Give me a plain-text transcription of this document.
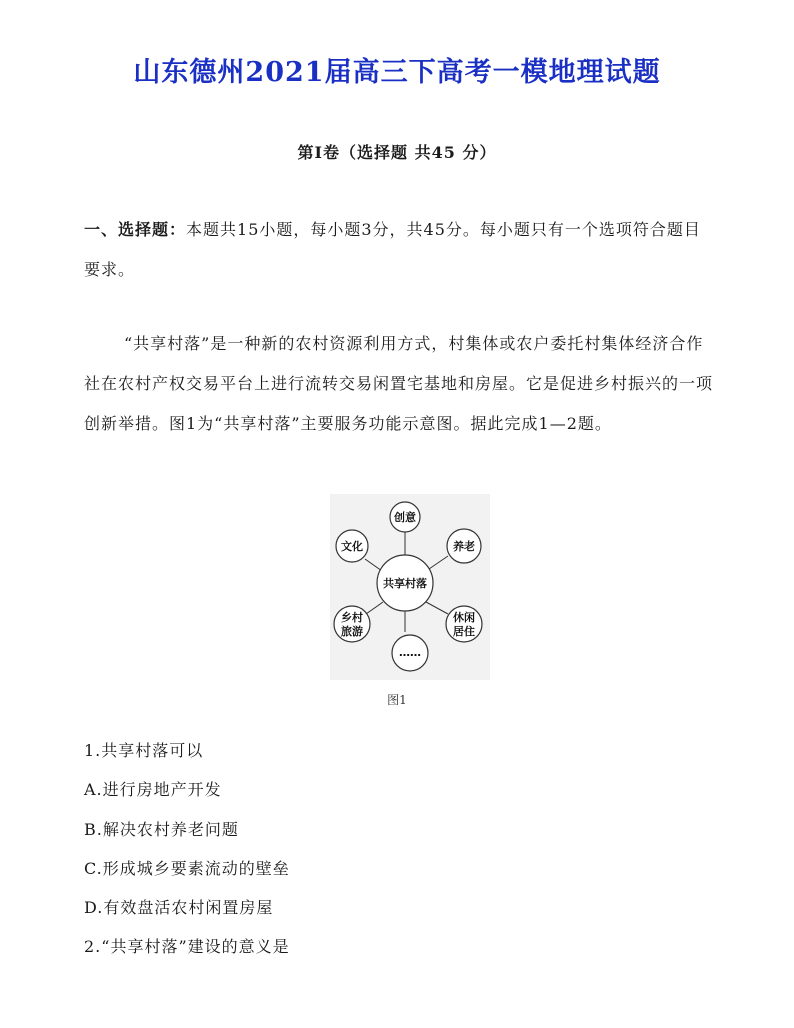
山东德州2021届高三下高考一模地理试题
第Ⅰ卷（选择题 共45 分）

一、选择题：本题共15小题，每小题3分，共45分。每小题只有一个选项符合题目要求。

“共享村落”是一种新的农村资源利用方式，村集体或农户委托村集体经济合作社在农村产权交易平台上进行流转交易闲置宅基地和房屋。它是促进乡村振兴的一项创新举措。图1为“共享村落”主要服务功能示意图。据此完成1—2题。

共享村落
创意
养老
休闲
居住
……
乡村
旅游
文化
图1
1.共享村落可以
A.进行房地产开发
B.解决农村养老问题
C.形成城乡要素流动的壁垒
D.有效盘活农村闲置房屋
2.“共享村落”建设的意义是
